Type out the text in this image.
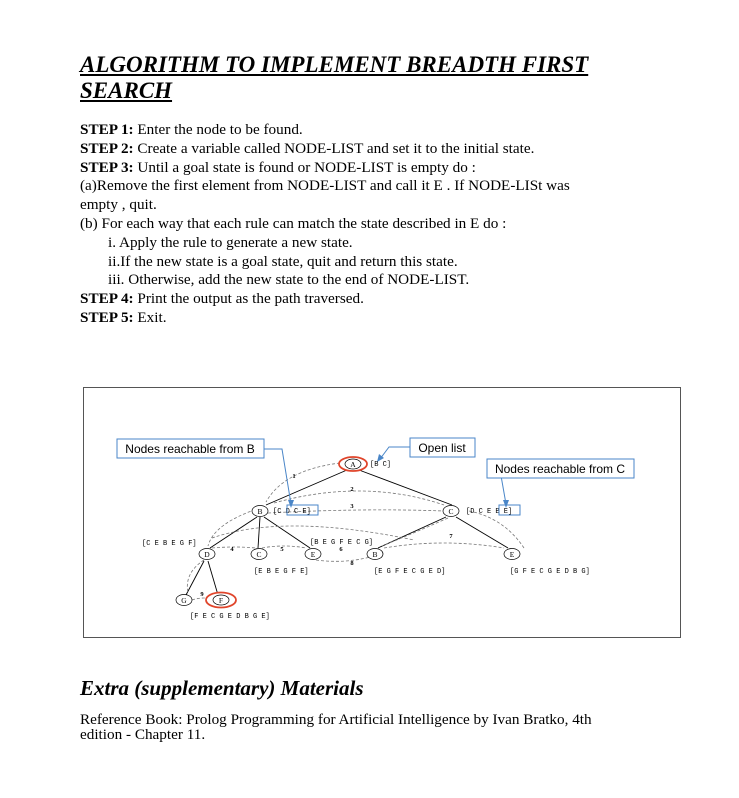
ALGORITHM TO IMPLEMENT BREADTH FIRST
SEARCH
STEP 1: Enter the node to be found.
STEP 2: Create a variable called NODE-LIST and set it to the initial state.
STEP 3: Until a goal state is found or NODE-LIST is empty do :
(a)Remove the first element from NODE-LIST and call it E . If NODE-LISt was
empty , quit.
(b) For each way that each rule can match the state described in E do :
i. Apply the rule to generate a new state.
ii.If the new state is a goal state, quit and return this state.
iii. Otherwise, add the new state to the end of NODE-LIST.
STEP 4: Print the output as the path traversed.
STEP 5: Exit.
Nodes reachable from B	Open list
Nodes reachable from C
A
B	C
D	C	E	B	E
G	F
[B C]
[C D C E]	[D C E B E]
[C E B E G F]	[B E G F E C G]
[E B E G F E]	[E G F E C G E D]	[G F E C G E D B G]
[F E C G E D B G E]
1
2
3
4	5	6
7
8
9
Extra (supplementary) Materials
Reference Book: Prolog Programming for Artificial Intelligence by Ivan Bratko, 4th
edition - Chapter 11.
